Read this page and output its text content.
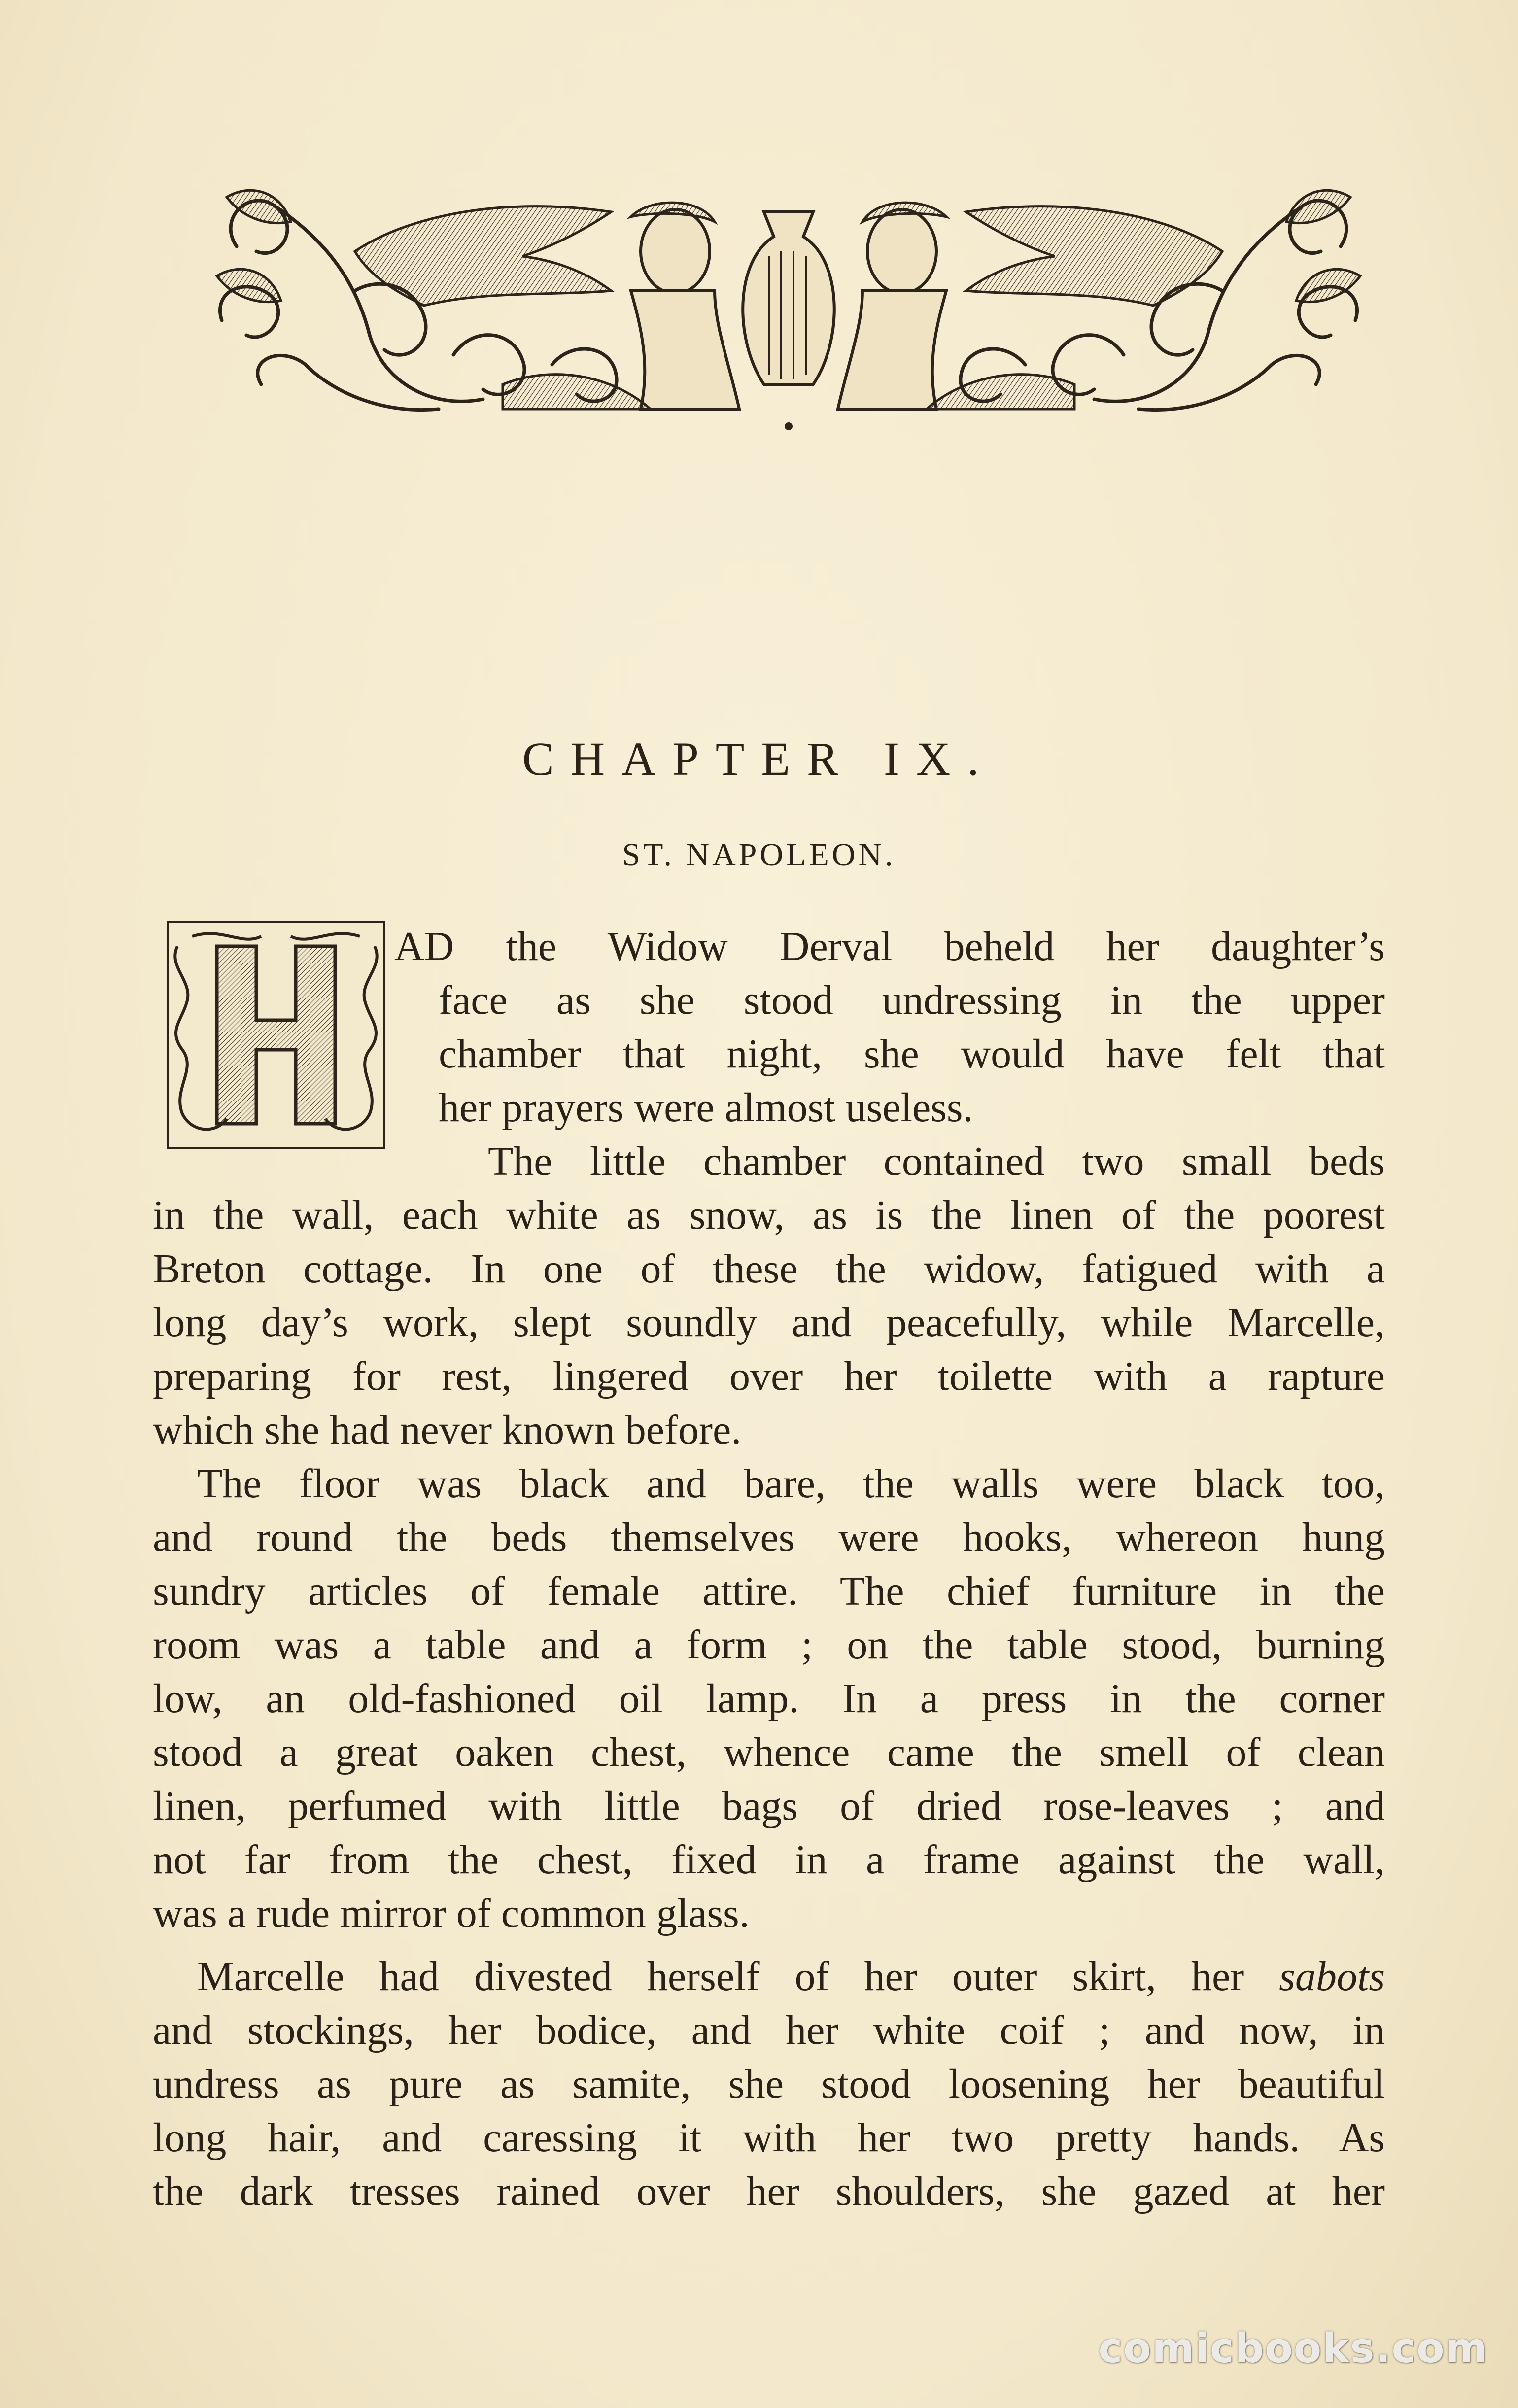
CHAPTER IX.
ST. NAPOLEON.
H
AD the Widow Derval beheld her daughter’s
face as she stood undressing in the upper
chamber that night, she would have felt that
her prayers were almost useless.
The little chamber contained two small beds
in the wall, each white as snow, as is the linen of the poorest
Breton cottage. In one of these the widow, fatigued with a
long day’s work, slept soundly and peacefully, while Marcelle,
preparing for rest, lingered over her toilette with a rapture
which she had never known before.
The floor was black and bare, the walls were black too,
and round the beds themselves were hooks, whereon hung
sundry articles of female attire. The chief furniture in the
room was a table and a form ; on the table stood, burning
low, an old-fashioned oil lamp. In a press in the corner
stood a great oaken chest, whence came the smell of clean
linen, perfumed with little bags of dried rose-leaves ; and
not far from the chest, fixed in a frame against the wall,
was a rude mirror of common glass.
Marcelle had divested herself of her outer skirt, her sabots
and stockings, her bodice, and her white coif ; and now, in
undress as pure as samite, she stood loosening her beautiful
long hair, and caressing it with her two pretty hands. As
the dark tresses rained over her shoulders, she gazed at her
comicbooks.com
